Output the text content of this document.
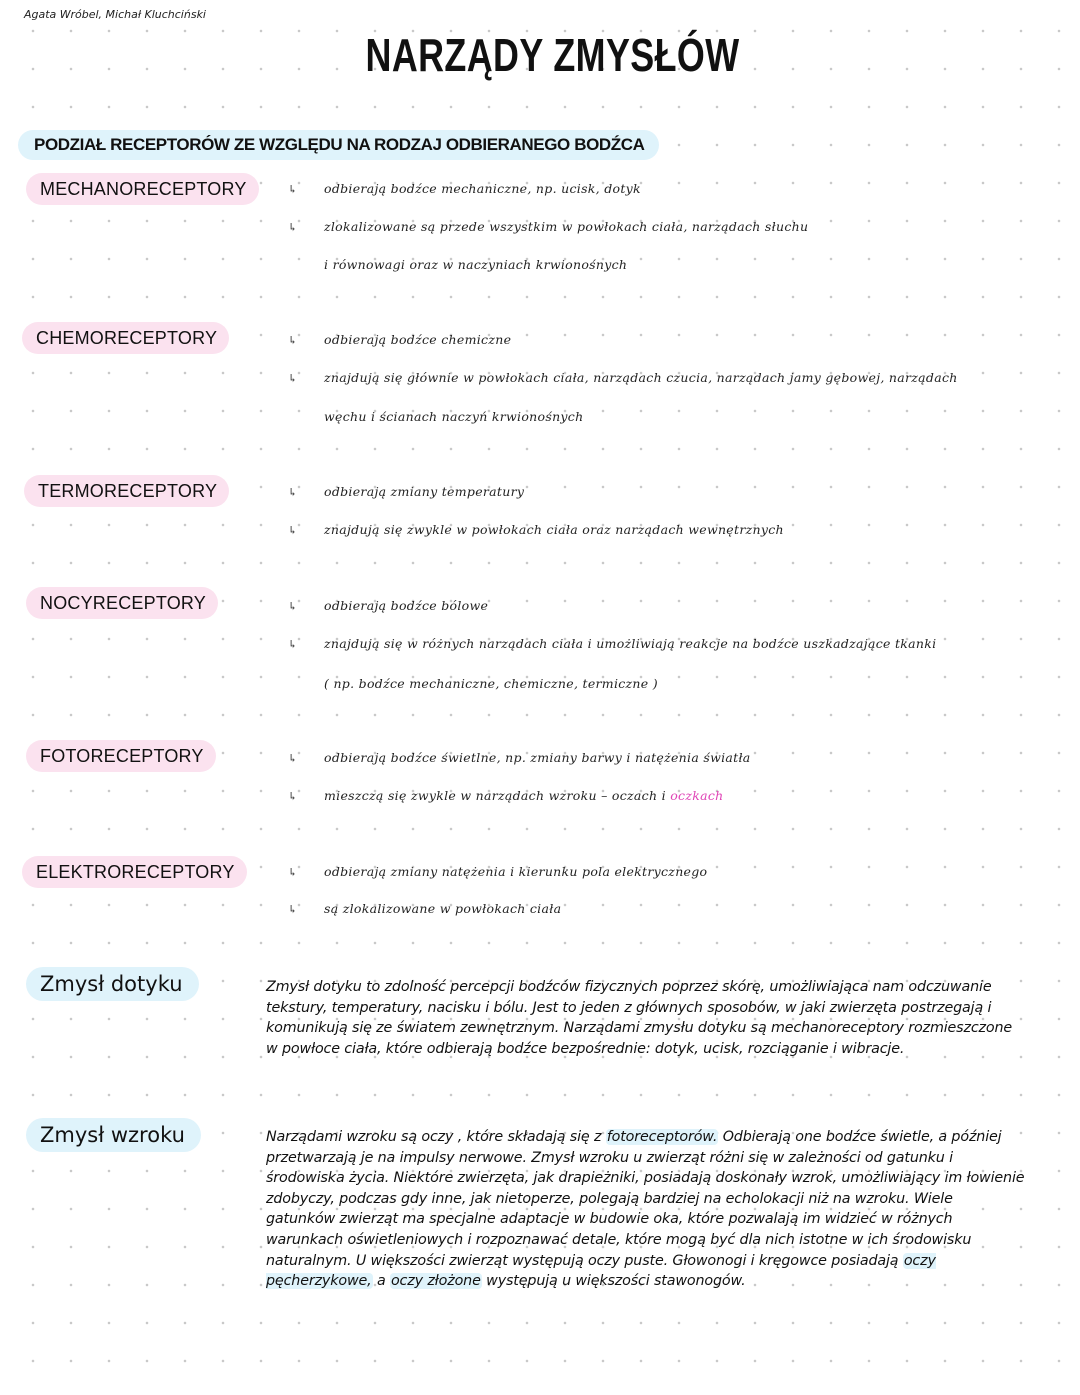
Agata Wróbel, Michał Kluchciński
NARZĄDY ZMYSŁÓW
PODZIAŁ RECEPTORÓW ZE WZGLĘDU NA RODZAJ ODBIERANEGO BODŹCA
MECHANORECEPTORY	↳ odbierają bodźce mechaniczne, np. ucisk, dotyk
↳ zlokalizowane są przede wszystkim w powłokach ciała, narządach słuchu
i równowagi oraz w naczyniach krwionośnych
CHEMORECEPTORY	↳ odbierają bodźce chemiczne
↳ znajdują się głównie w powłokach ciała, narządach czucia, narządach jamy gębowej, narządach
węchu i ścianach naczyń krwionośnych
TERMORECEPTORY	↳ odbierają zmiany temperatury
↳ znajdują się zwykle w powłokach ciała oraz narządach wewnętrznych
NOCYRECEPTORY	↳ odbierają bodźce bólowe
↳ znajdują się w różnych narządach ciała i umożliwiają reakcje na bodźce uszkadzające tkanki
( np. bodźce mechaniczne, chemiczne, termiczne )
FOTORECEPTORY	↳ odbierają bodźce świetlne, np. zmiany barwy i natężenia światła
↳ mieszczą się zwykle w narządach wzroku – oczach i oczkach
ELEKTRORECEPTORY	↳ odbierają zmiany natężenia i kierunku pola elektrycznego
↳ są zlokalizowane w powłokach ciała
Zmysł dotyku	Zmysł dotyku to zdolność percepcji bodźców fizycznych poprzez skórę, umożliwiająca nam odczuwanie tekstury, temperatury, nacisku i bólu. Jest to jeden z głównych sposobów, w jaki zwierzęta postrzegają i komunikują się ze światem zewnętrznym. Narządami zmysłu dotyku są mechanoreceptory rozmieszczone w powłoce ciała, które odbierają bodźce bezpośrednie: dotyk, ucisk, rozciąganie i wibracje.
Zmysł wzroku	Narządami wzroku są oczy , które składają się z fotoreceptorów. Odbierają one bodźce świetle, a później przetwarzają je na impulsy nerwowe. Zmysł wzroku u zwierząt różni się w zależności od gatunku i środowiska życia. Niektóre zwierzęta, jak drapieżniki, posiadają doskonały wzrok, umożliwiający im łowienie zdobyczy, podczas gdy inne, jak nietoperze, polegają bardziej na echolokacji niż na wzroku. Wiele gatunków zwierząt ma specjalne adaptacje w budowie oka, które pozwalają im widzieć w różnych warunkach oświetleniowych i rozpoznawać detale, które mogą być dla nich istotne w ich środowisku naturalnym. U większości zwierząt występują oczy puste. Głowonogi i kręgowce posiadają oczy pęcherzykowe, a oczy złożone występują u większości stawonogów.
